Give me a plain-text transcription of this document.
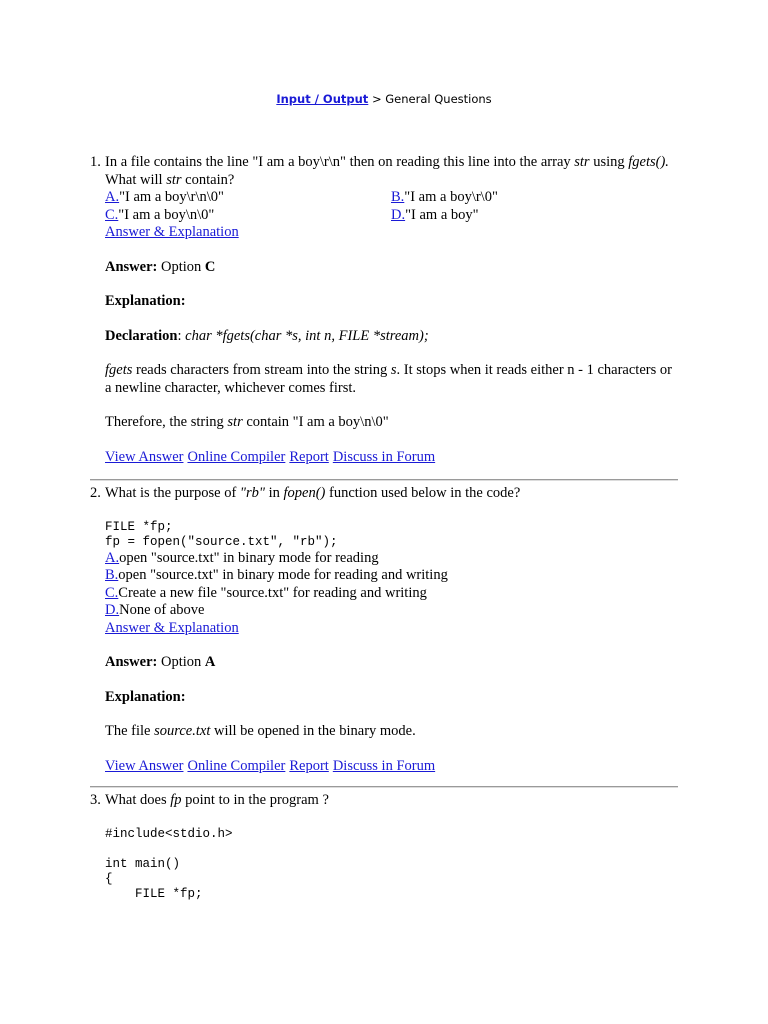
Input / Output > General Questions
1. In a file contains the line "I am a boy\r\n" then on reading this line into the array str using fgets(). What will str contain?
A."I am a boy\r\n\0"	B."I am a boy\r\0"
C."I am a boy\n\0"	D."I am a boy"
Answer & Explanation
Answer: Option C
Explanation:
Declaration: char *fgets(char *s, int n, FILE *stream);
fgets reads characters from stream into the string s. It stops when it reads either n - 1 characters or a newline character, whichever comes first.
Therefore, the string str contain "I am a boy\n\0"
View Answer Online Compiler Report Discuss in Forum
2. What is the purpose of "rb" in fopen() function used below in the code?
FILE *fp;
fp = fopen("source.txt", "rb");
A.open "source.txt" in binary mode for reading
B.open "source.txt" in binary mode for reading and writing
C.Create a new file "source.txt" for reading and writing
D.None of above
Answer & Explanation
Answer: Option A
Explanation:
The file source.txt will be opened in the binary mode.
View Answer Online Compiler Report Discuss in Forum
3. What does fp point to in the program ?
#include<stdio.h>

int main()
{
FILE *fp;
